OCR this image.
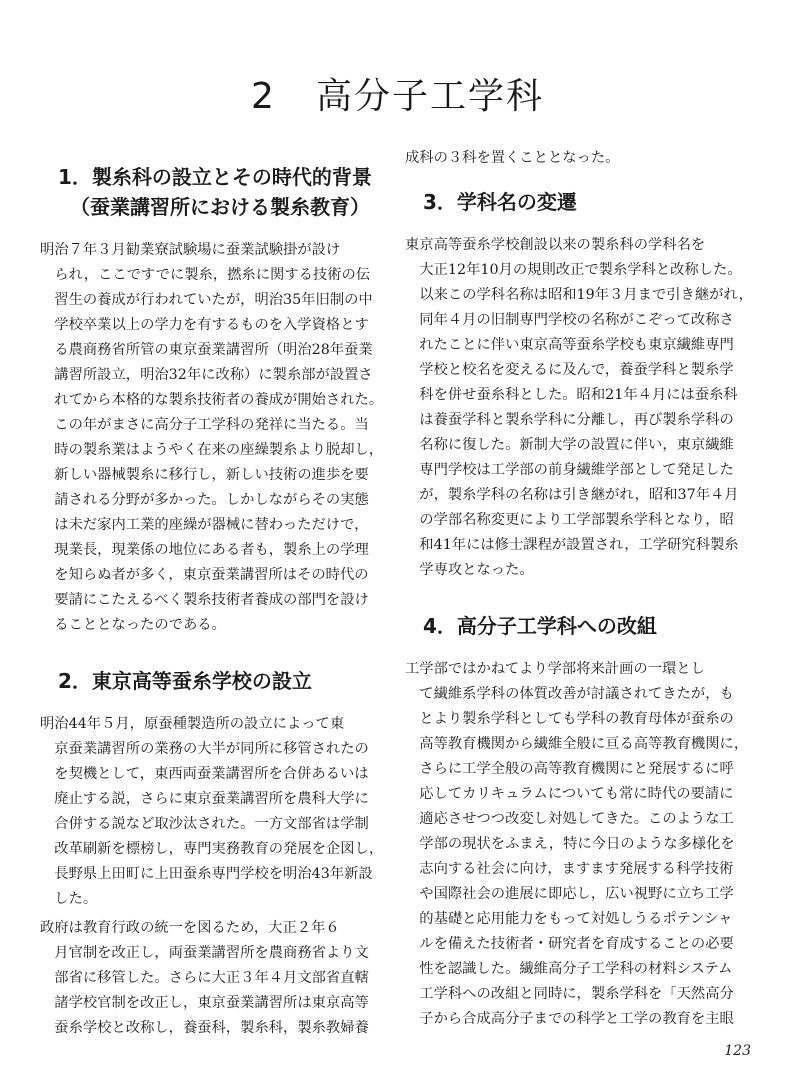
2 高分子工学科
1．製糸科の設立とその時代的背景
（蚕業講習所における製糸教育）

明治７年３月勧業寮試験場に蚕業試験掛が設け
られ，ここですでに製糸，撚糸に関する技術の伝
習生の養成が行われていたが，明治35年旧制の中
学校卒業以上の学力を有するものを入学資格とす
る農商務省所管の東京蚕業講習所（明治28年蚕業
講習所設立，明治32年に改称）に製糸部が設置さ
れてから本格的な製糸技術者の養成が開始された。
この年がまさに高分子工学科の発祥に当たる。当
時の製糸業はようやく在来の座繰製糸より脱却し，
新しい器械製糸に移行し，新しい技術の進歩を要
請される分野が多かった。しかしながらその実態
は未だ家内工業的座繰が器械に替わっただけで，
現業長，現業係の地位にある者も，製糸上の学理
を知らぬ者が多く，東京蚕業講習所はその時代の
要請にこたえるべく製糸技術者養成の部門を設け
ることとなったのである。

2．東京高等蚕糸学校の設立

明治44年５月，原蚕種製造所の設立によって東
京蚕業講習所の業務の大半が同所に移管されたの
を契機として，東西両蚕業講習所を合併あるいは
廃止する説，さらに東京蚕業講習所を農科大学に
合併する説など取沙汰された。一方文部省は学制
改革刷新を標榜し，専門実務教育の発展を企図し，
長野県上田町に上田蚕糸専門学校を明治43年新設
した。

政府は教育行政の統一を図るため，大正２年６
月官制を改正し，両蚕業講習所を農商務省より文
部省に移管した。さらに大正３年４月文部省直轄
諸学校官制を改正し，東京蚕業講習所は東京高等
蚕糸学校と改称し，養蚕科，製糸科，製糸教婦養

成科の３科を置くこととなった。

3．学科名の変遷

東京高等蚕糸学校創設以来の製糸科の学科名を
大正12年10月の規則改正で製糸学科と改称した。
以来この学科名称は昭和19年３月まで引き継がれ，
同年４月の旧制専門学校の名称がこぞって改称さ
れたことに伴い東京高等蚕糸学校も東京繊維専門
学校と校名を変えるに及んで，養蚕学科と製糸学
科を併せ蚕糸科とした。昭和21年４月には蚕糸科
は養蚕学科と製糸学科に分離し，再び製糸学科の
名称に復した。新制大学の設置に伴い，東京繊維
専門学校は工学部の前身繊維学部として発足した
が，製糸学科の名称は引き継がれ，昭和37年４月
の学部名称変更により工学部製糸学科となり，昭
和41年には修士課程が設置され，工学研究科製糸
学専攻となった。

4．高分子工学科への改組

工学部ではかねてより学部将来計画の一環とし
て繊維系学科の体質改善が討議されてきたが，も
とより製糸学科としても学科の教育母体が蚕糸の
高等教育機関から繊維全般に亘る高等教育機関に，
さらに工学全般の高等教育機関にと発展するに呼
応してカリキュラムについても常に時代の要請に
適応させつつ改変し対処してきた。このような工
学部の現状をふまえ，特に今日のような多様化を
志向する社会に向け，ますます発展する科学技術
や国際社会の進展に即応し，広い視野に立ち工学
的基礎と応用能力をもって対処しうるポテンシャ
ルを備えた技術者・研究者を育成することの必要
性を認識した。繊維高分子工学科の材料システム
工学科への改組と同時に，製糸学科を「天然高分
子から合成高分子までの科学と工学の教育を主眼

123
